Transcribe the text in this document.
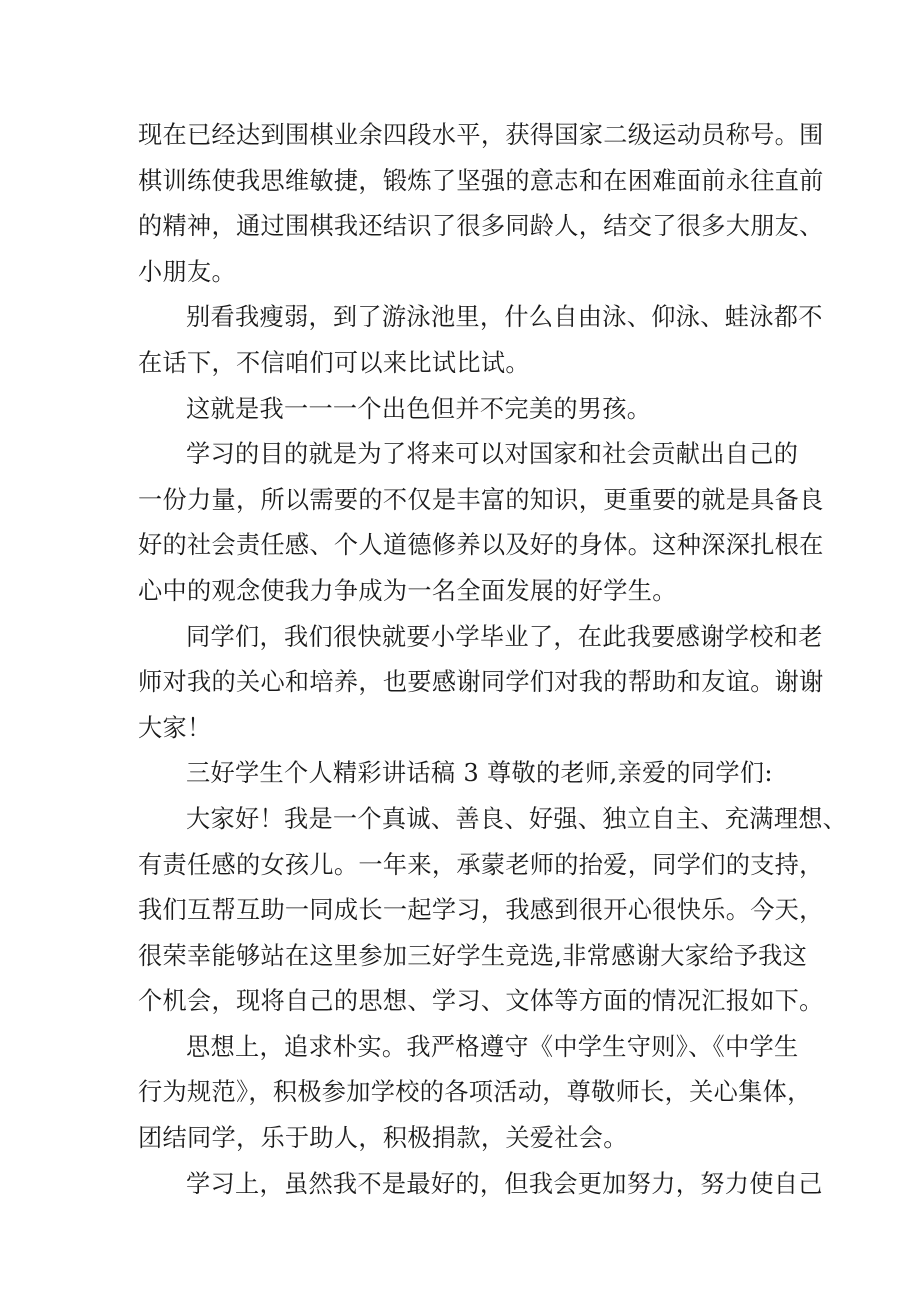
现在已经达到围棋业余四段水平，获得国家二级运动员称号。围
棋训练使我思维敏捷，锻炼了坚强的意志和在困难面前永往直前
的精神，通过围棋我还结识了很多同龄人，结交了很多大朋友、
小朋友。
别看我瘦弱，到了游泳池里，什么自由泳、仰泳、蛙泳都不
在话下，不信咱们可以来比试比试。
这就是我一一一个出色但并不完美的男孩。
学习的目的就是为了将来可以对国家和社会贡献出自己的
一份力量，所以需要的不仅是丰富的知识，更重要的就是具备良
好的社会责任感、个人道德修养以及好的身体。这种深深扎根在
心中的观念使我力争成为一名全面发展的好学生。
同学们，我们很快就要小学毕业了，在此我要感谢学校和老
师对我的关心和培养，也要感谢同学们对我的帮助和友谊。谢谢
大家！
三好学生个人精彩讲话稿 3 尊敬的老师,亲爱的同学们:
大家好！我是一个真诚、善良、好强、独立自主、充满理想、
有责任感的女孩儿。一年来，承蒙老师的抬爱，同学们的支持，
我们互帮互助一同成长一起学习，我感到很开心很快乐。今天，
很荣幸能够站在这里参加三好学生竞选,非常感谢大家给予我这
个机会，现将自己的思想、学习、文体等方面的情况汇报如下。
思想上，追求朴实。我严格遵守《中学生守则》、《中学生
行为规范》，积极参加学校的各项活动，尊敬师长，关心集体，
团结同学，乐于助人，积极捐款，关爱社会。
学习上，虽然我不是最好的，但我会更加努力，努力使自己
